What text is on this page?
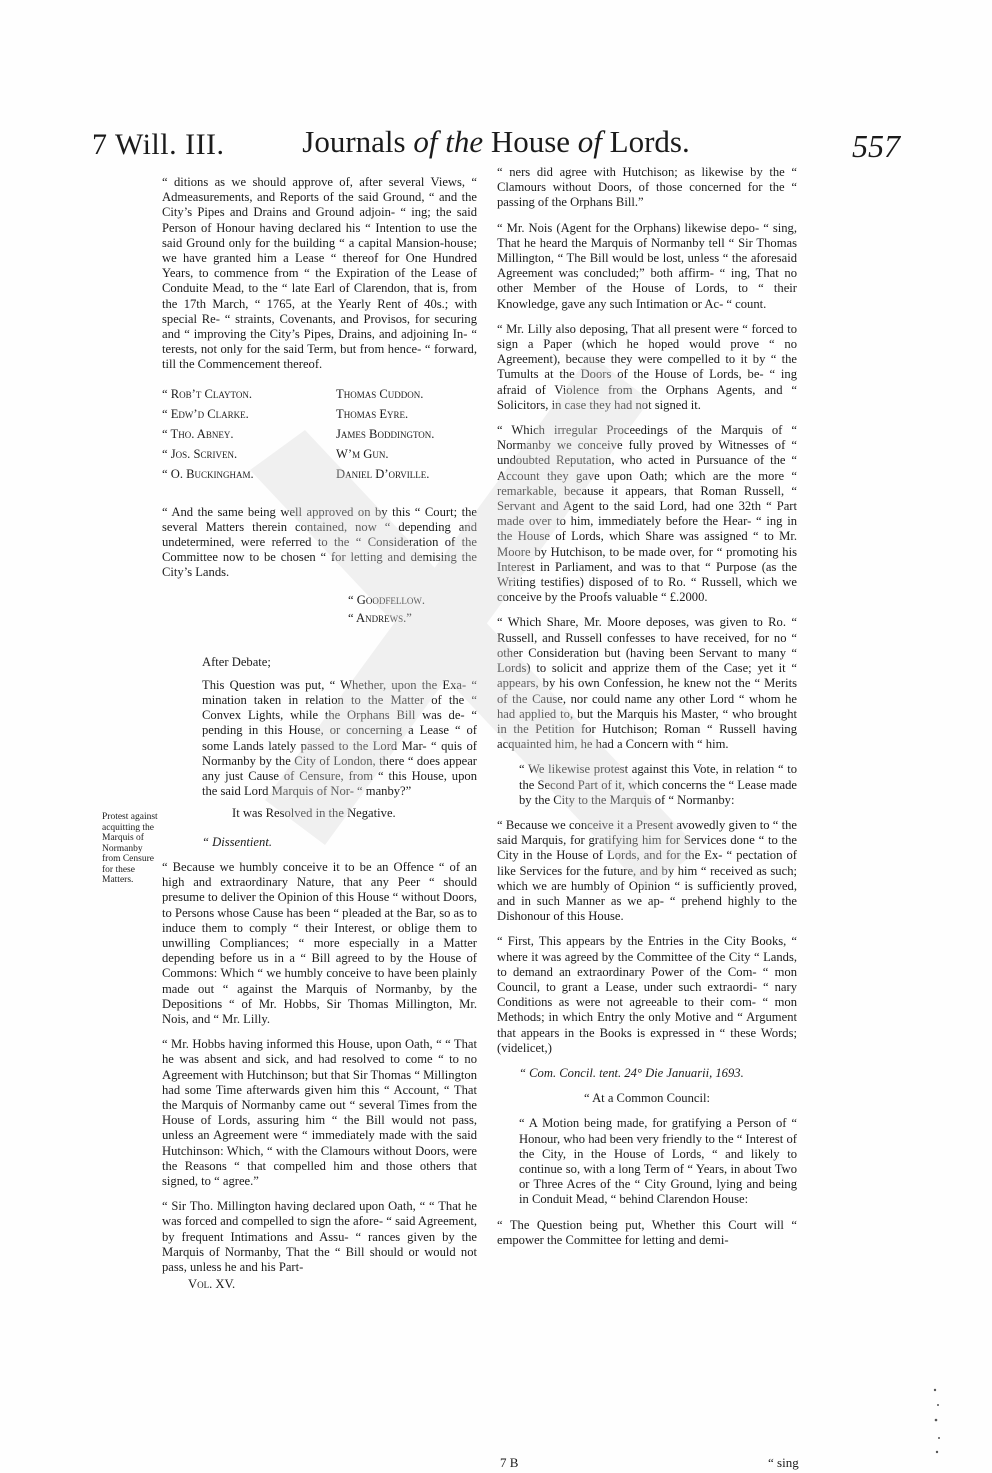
7 Will. III.	Journals of the House of Lords.	557
Protest against acquitting the Marquis of Normanby from Censure for these Matters.

“ ditions as we should approve of, after several Views, “ Admeasurements, and Reports of the said Ground, “ and the City’s Pipes and Drains and Ground adjoin- “ ing; the said Person of Honour having declared his “ Intention to use the said Ground only for the building “ a capital Mansion-house; we have granted him a Lease “ thereof for One Hundred Years, to commence from “ the Expiration of the Lease of Conduite Mead, to the “ late Earl of Clarendon, that is, from the 17th March, “ 1765, at the Yearly Rent of 40s.; with special Re- “ straints, Covenants, and Provisos, for securing and “ improving the City’s Pipes, Drains, and adjoining In- “ terests, not only for the said Term, but from hence- “ forward, till the Commencement thereof.

“ Rob’t Clayton.	Thomas Cuddon.
“ Edw’d Clarke.	Thomas Eyre.
“ Tho. Abney.	James Boddington.
“ Jos. Scriven.	W’m Gun.
“ O. Buckingham.	Daniel D’orville.

“ And the same being well approved on by this “ Court; the several Matters therein contained, now “ depending and undetermined, were referred to the “ Consideration of the Committee now to be chosen “ for letting and demising the City’s Lands.

“ Goodfellow.
“ Andrews.”
After Debate;

This Question was put, “ Whether, upon the Exa- “ mination taken in relation to the Matter of the “ Convex Lights, while the Orphans Bill was de- “ pending in this House, or concerning a Lease “ of some Lands lately passed to the Lord Mar- “ quis of Normanby by the City of London, there “ does appear any just Cause of Censure, from “ this House, upon the said Lord Marquis of Nor- “ manby?”

It was Resolved in the Negative.

“ Dissentient.

“ Because we humbly conceive it to be an Offence “ of an high and extraordinary Nature, that any Peer “ should presume to deliver the Opinion of this House “ without Doors, to Persons whose Cause has been “ pleaded at the Bar, so as to induce them to comply “ their Interest, or oblige them to unwilling Compliances; “ more especially in a Matter depending before us in a “ Bill agreed to by the House of Commons: Which “ we humbly conceive to have been plainly made out “ against the Marquis of Normanby, by the Depositions “ of Mr. Hobbs, Sir Thomas Millington, Mr. Nois, and “ Mr. Lilly.

“ Mr. Hobbs having informed this House, upon Oath, “ “ That he was absent and sick, and had resolved to come “ to no Agreement with Hutchinson; but that Sir Thomas “ Millington had some Time afterwards given him this “ Account, “ That the Marquis of Normanby came out “ several Times from the House of Lords, assuring him “ the Bill would not pass, unless an Agreement were “ immediately made with the said Hutchinson: Which, “ with the Clamours without Doors, were the Reasons “ that compelled him and those others that signed, to “ agree.”

“ Sir Tho. Millington having declared upon Oath, “ “ That he was forced and compelled to sign the afore- “ said Agreement, by frequent Intimations and Assu- “ rances given by the Marquis of Normanby, That the “ Bill should or would not pass, unless he and his Part-

Vol. XV.

“ ners did agree with Hutchison; as likewise by the “ Clamours without Doors, of those concerned for the “ passing of the Orphans Bill.”

“ Mr. Nois (Agent for the Orphans) likewise depo- “ sing, That he heard the Marquis of Normanby tell “ Sir Thomas Millington, “ The Bill would be lost, unless “ the aforesaid Agreement was concluded;” both affirm- “ ing, That no other Member of the House of Lords, to “ their Knowledge, gave any such Intimation or Ac- “ count.

“ Mr. Lilly also deposing, That all present were “ forced to sign a Paper (which he hoped would prove “ no Agreement), because they were compelled to it by “ the Tumults at the Doors of the House of Lords, be- “ ing afraid of Violence from the Orphans Agents, and “ Solicitors, in case they had not signed it.

“ Which irregular Proceedings of the Marquis of “ Normanby we conceive fully proved by Witnesses of “ undoubted Reputation, who acted in Pursuance of the “ Account they gave upon Oath; which are the more “ remarkable, because it appears, that Roman Russell, “ Servant and Agent to the said Lord, had one 32th “ Part made over to him, immediately before the Hear- “ ing in the House of Lords, which Share was assigned “ to Mr. Moore by Hutchison, to be made over, for “ promoting his Interest in Parliament, and was to that “ Purpose (as the Writing testifies) disposed of to Ro. “ Russell, which we conceive by the Proofs valuable “ £.2000.

“ Which Share, Mr. Moore deposes, was given to Ro. “ Russell, and Russell confesses to have received, for no “ other Consideration but (having been Servant to many “ Lords) to solicit and apprize them of the Case; yet it “ appears, by his own Confession, he knew not the “ Merits of the Cause, nor could name any other Lord “ whom he had applied to, but the Marquis his Master, “ who brought in the Petition for Hutchison; Roman “ Russell having acquainted him, he had a Concern with “ him.

“ We likewise protest against this Vote, in relation “ to the Second Part of it, which concerns the “ Lease made by the City to the Marquis of “ Normanby:

“ Because we conceive it a Present avowedly given to “ the said Marquis, for gratifying him for Services done “ to the City in the House of Lords, and for the Ex- “ pectation of like Services for the future, and by him “ received as such; which we are humbly of Opinion “ is sufficiently proved, and in such Manner as we ap- “ prehend highly to the Dishonour of this House.

“ First, This appears by the Entries in the City Books, “ where it was agreed by the Committee of the City “ Lands, to demand an extraordinary Power of the Com- “ mon Council, to grant a Lease, under such extraordi- “ nary Conditions as were not agreeable to their com- “ mon Methods; in which Entry the only Motive and “ Argument that appears in the Books is expressed in “ these Words; (videlicet,)

“ Com. Concil. tent. 24° Die Januarii, 1693.

“ At a Common Council:

“ A Motion being made, for gratifying a Person of “ Honour, who had been very friendly to the “ Interest of the City, in the House of Lords, “ and likely to continue so, with a long Term of “ Years, in about Two or Three Acres of the “ City Ground, lying and being in Conduit Mead, “ behind Clarendon House:

“ The Question being put, Whether this Court will “ empower the Committee for letting and demi-

7 B	“ sing
